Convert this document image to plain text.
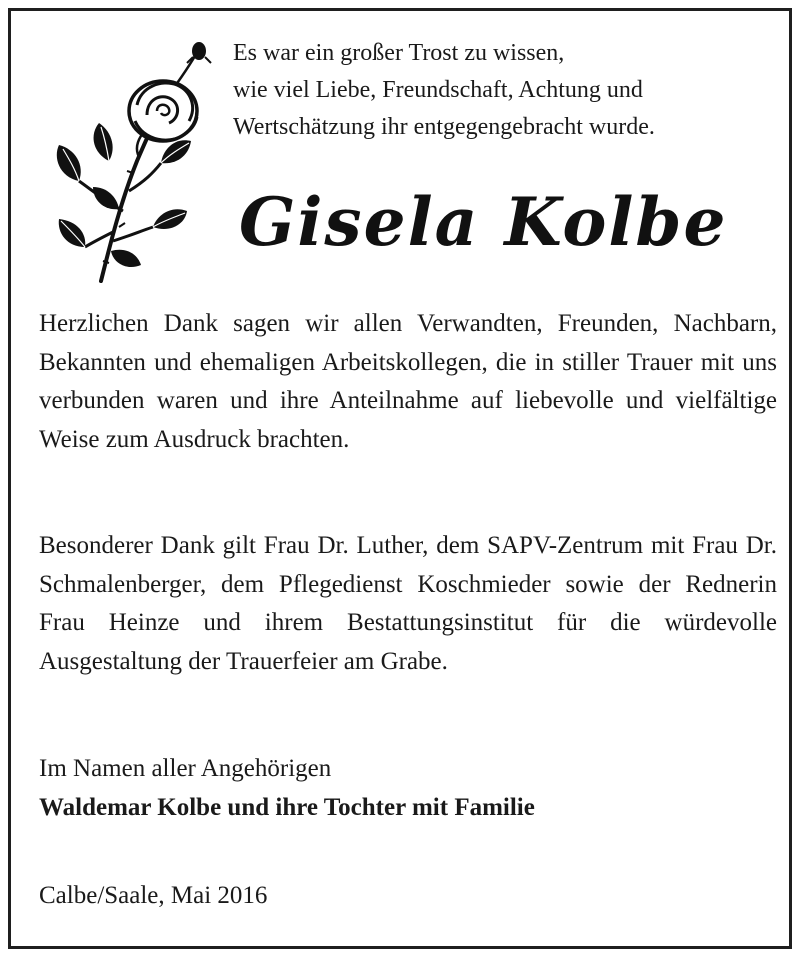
Es war ein großer Trost zu wissen,
wie viel Liebe, Freundschaft, Achtung und
Wertschätzung ihr entgegengebracht wurde.
Gisela Kolbe
Herzlichen Dank sagen wir allen Verwandten, Freunden, Nachbarn, Bekannten und ehemaligen Arbeitskollegen, die in stiller Trauer mit uns verbunden waren und ihre Anteilnahme auf liebevolle und vielfältige Weise zum Ausdruck brachten.
Besonderer Dank gilt Frau Dr. Luther, dem SAPV-Zentrum mit Frau Dr. Schmalenberger, dem Pflegedienst Koschmieder sowie der Rednerin Frau Heinze und ihrem Bestattungsinstitut für die würdevolle Ausgestaltung der Trauerfeier am Grabe.
Im Namen aller Angehörigen
Waldemar Kolbe und ihre Tochter mit Familie
Calbe/Saale, Mai 2016
